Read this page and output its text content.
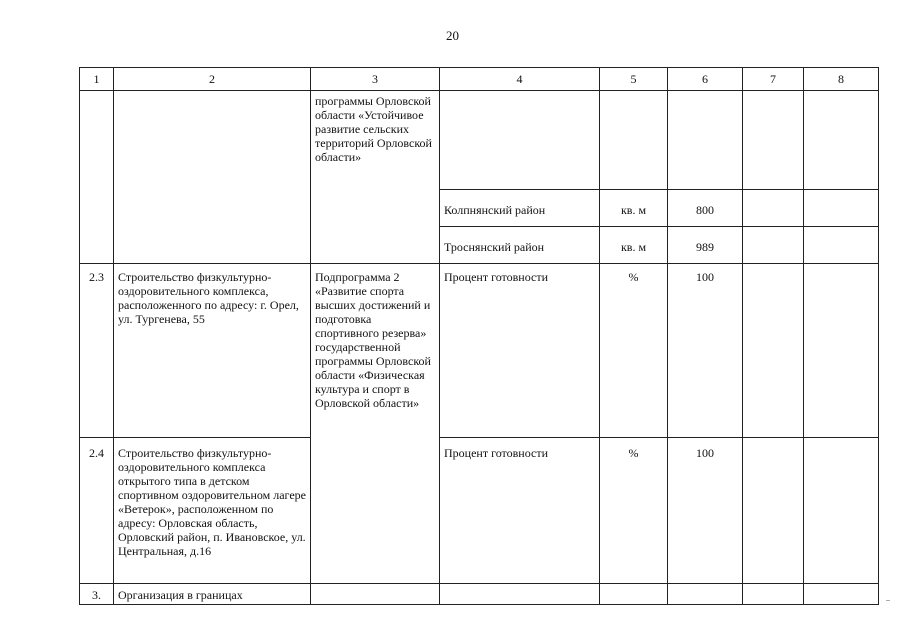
20
1	2	3	4	5	6	7	8
		программы Орловской области «Устойчивое развитие сельских территорий Орловской области»					
			Колпнянский район	кв. м	800		
			Троснянский район	кв. м	989		
2.3	Строительство физкультурно-оздоровительного комплекса, расположенного по адресу: г. Орел, ул. Тургенева, 55	Подпрограмма 2 «Развитие спорта высших достижений и подготовка спортивного резерва» государственной программы Орловской области «Физическая культура и спорт в Орловской области»	Процент готовности	%	100		
2.4	Строительство физкультурно-оздоровительного комплекса открытого типа в детском спортивном оздоровительном лагере «Ветерок», расположенном по адресу: Орловская область, Орловский район, п. Ивановское, ул. Центральная, д.16		Процент готовности	%	100		
3.	Организация в границах						
